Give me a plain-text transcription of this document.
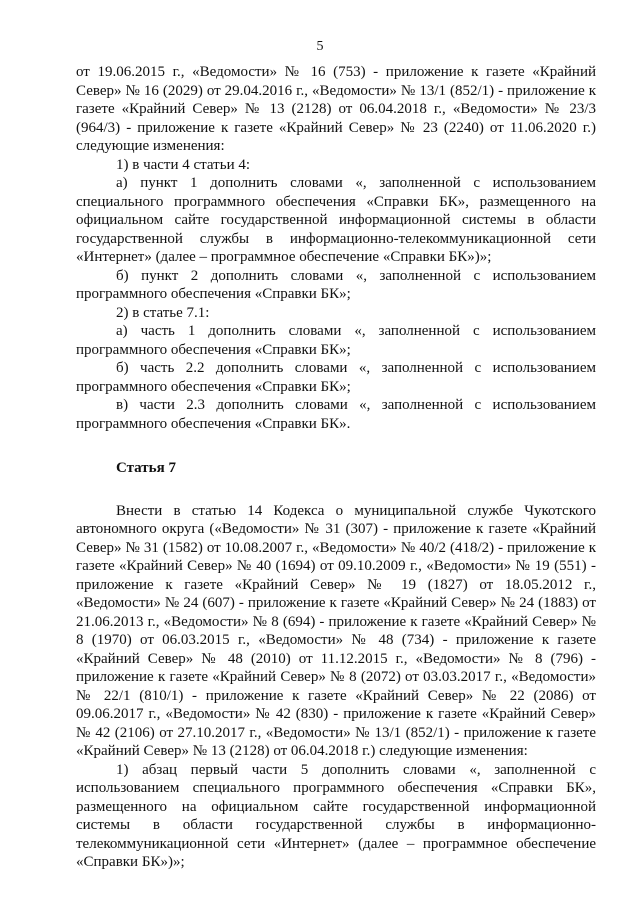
5

от 19.06.2015 г., «Ведомости» № 16 (753) - приложение к газете «Крайний Север» № 16 (2029) от 29.04.2016 г., «Ведомости» № 13/1 (852/1) - приложение к газете «Крайний Север» № 13 (2128) от 06.04.2018 г., «Ведомости» № 23/3 (964/3) - приложение к газете «Крайний Север» № 23 (2240) от 11.06.2020 г.) следующие изменения:

1) в части 4 статьи 4:

а) пункт 1 дополнить словами «, заполненной с использованием специального программного обеспечения «Справки БК», размещенного на официальном сайте государственной информационной системы в области государственной службы в информационно-телекоммуникационной сети «Интернет» (далее – программное обеспечение «Справки БК»)»;

б) пункт 2 дополнить словами «, заполненной с использованием программного обеспечения «Справки БК»;

2) в статье 7.1:

а) часть 1 дополнить словами «, заполненной с использованием программного обеспечения «Справки БК»;

б) часть 2.2 дополнить словами «, заполненной с использованием программного обеспечения «Справки БК»;

в) части 2.3 дополнить словами «, заполненной с использованием программного обеспечения «Справки БК».

Статья 7

Внести в статью 14 Кодекса о муниципальной службе Чукотского автономного округа («Ведомости» № 31 (307) - приложение к газете «Крайний Север» № 31 (1582) от 10.08.2007 г., «Ведомости» № 40/2 (418/2) - приложение к газете «Крайний Север» № 40 (1694) от 09.10.2009 г., «Ведомости» № 19 (551) - приложение к газете «Крайний Север» № 19 (1827) от 18.05.2012 г., «Ведомости» № 24 (607) - приложение к газете «Крайний Север» № 24 (1883) от 21.06.2013 г., «Ведомости» № 8 (694) - приложение к газете «Крайний Север» № 8 (1970) от 06.03.2015 г., «Ведомости» № 48 (734) - приложение к газете «Крайний Север» № 48 (2010) от 11.12.2015 г., «Ведомости» № 8 (796) - приложение к газете «Крайний Север» № 8 (2072) от 03.03.2017 г., «Ведомости» № 22/1 (810/1) - приложение к газете «Крайний Север» № 22 (2086) от 09.06.2017 г., «Ведомости» № 42 (830) - приложение к газете «Крайний Север» № 42 (2106) от 27.10.2017 г., «Ведомости» № 13/1 (852/1) - приложение к газете «Крайний Север» № 13 (2128) от 06.04.2018 г.) следующие изменения:

1) абзац первый части 5 дополнить словами «, заполненной с использованием специального программного обеспечения «Справки БК», размещенного на официальном сайте государственной информационной системы в области государственной службы в информационно-телекоммуникационной сети «Интернет» (далее – программное обеспечение «Справки БК»)»;
